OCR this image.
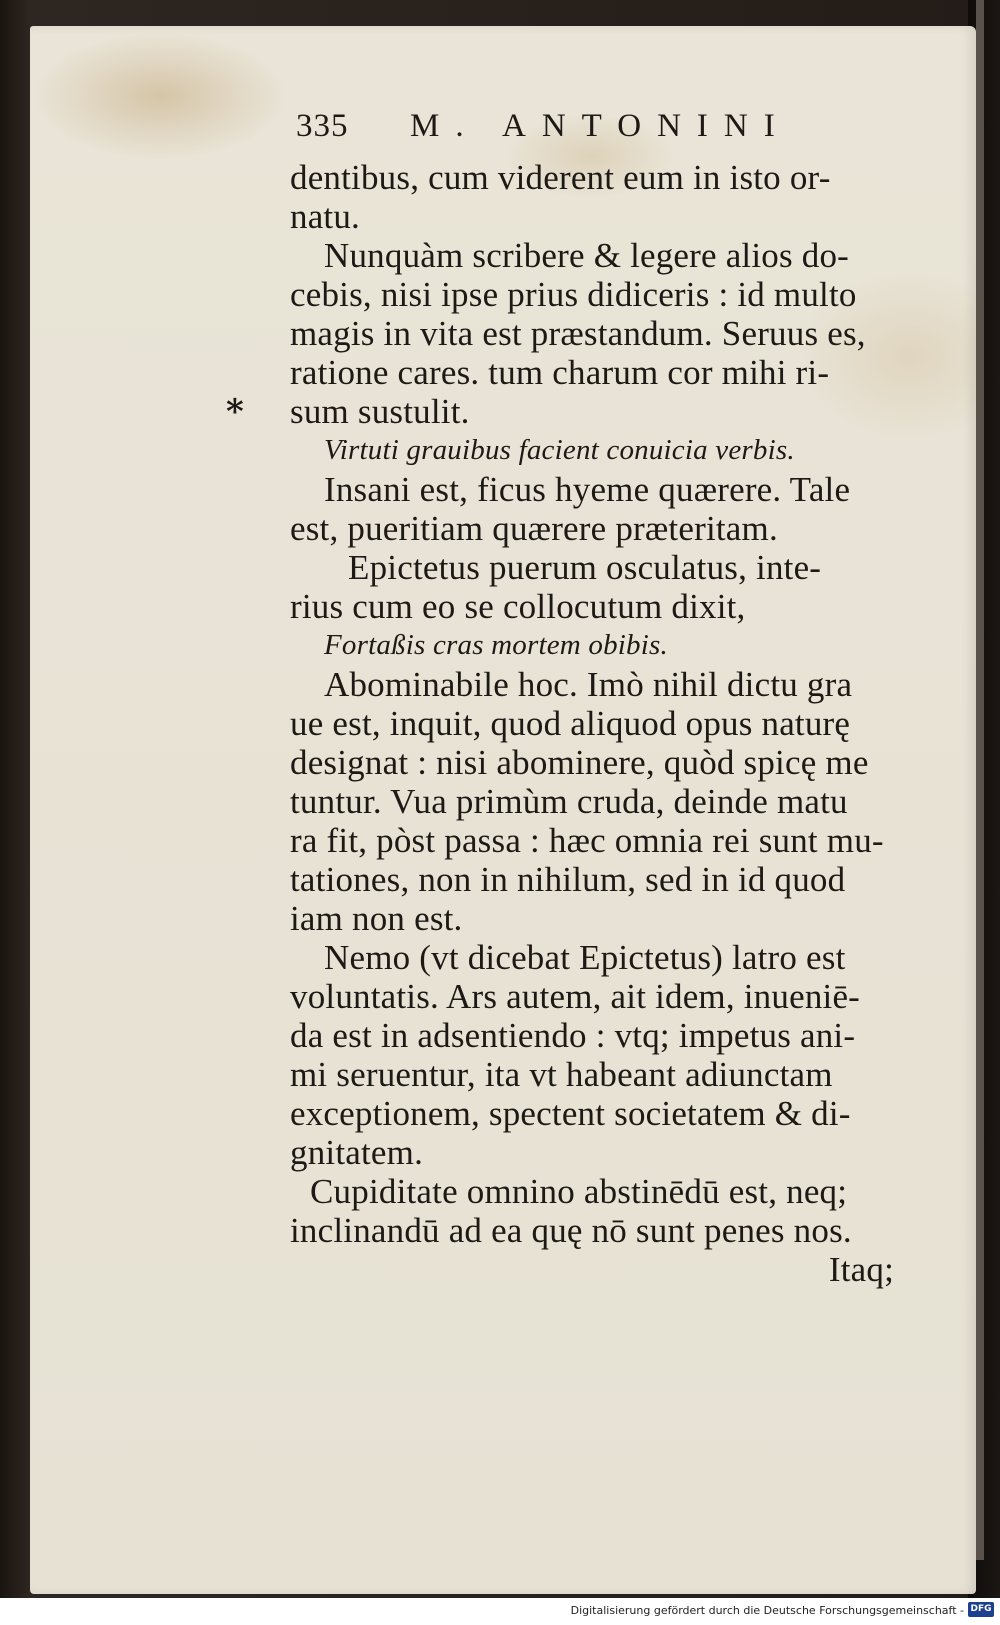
*
335 M. ANTONINI
dentibus, cum viderent eum in isto or-
natu.
Nunquàm scribere & legere alios do-
cebis, nisi ipse prius didiceris : id multo
magis in vita est præstandum. Seruus es,
ratione cares. tum charum cor mihi ri-
sum sustulit.
Virtuti grauibus facient conuicia verbis.
Insani est, ficus hyeme quærere. Tale
est, pueritiam quærere præteritam.
Epictetus puerum osculatus, inte-
rius cum eo se collocutum dixit,
Fortaßis cras mortem obibis.
Abominabile hoc. Imò nihil dictu gra
ue est, inquit, quod aliquod opus naturę
designat : nisi abominere, quòd spicę me
tuntur. Vua primùm cruda, deinde matu
ra fit, pòst passa : hæc omnia rei sunt mu-
tationes, non in nihilum, sed in id quod
iam non est.
Nemo (vt dicebat Epictetus) latro est
voluntatis. Ars autem, ait idem, inueniē-
da est in adsentiendo : vtq; impetus ani-
mi seruentur, ita vt habeant adiunctam
exceptionem, spectent societatem & di-
gnitatem.
Cupiditate omnino abstinēdū est, neq;
inclinandū ad ea quę nō sunt penes nos.
Itaq;
Digitalisierung gefördert durch die Deutsche Forschungsgemeinschaft - DFG
